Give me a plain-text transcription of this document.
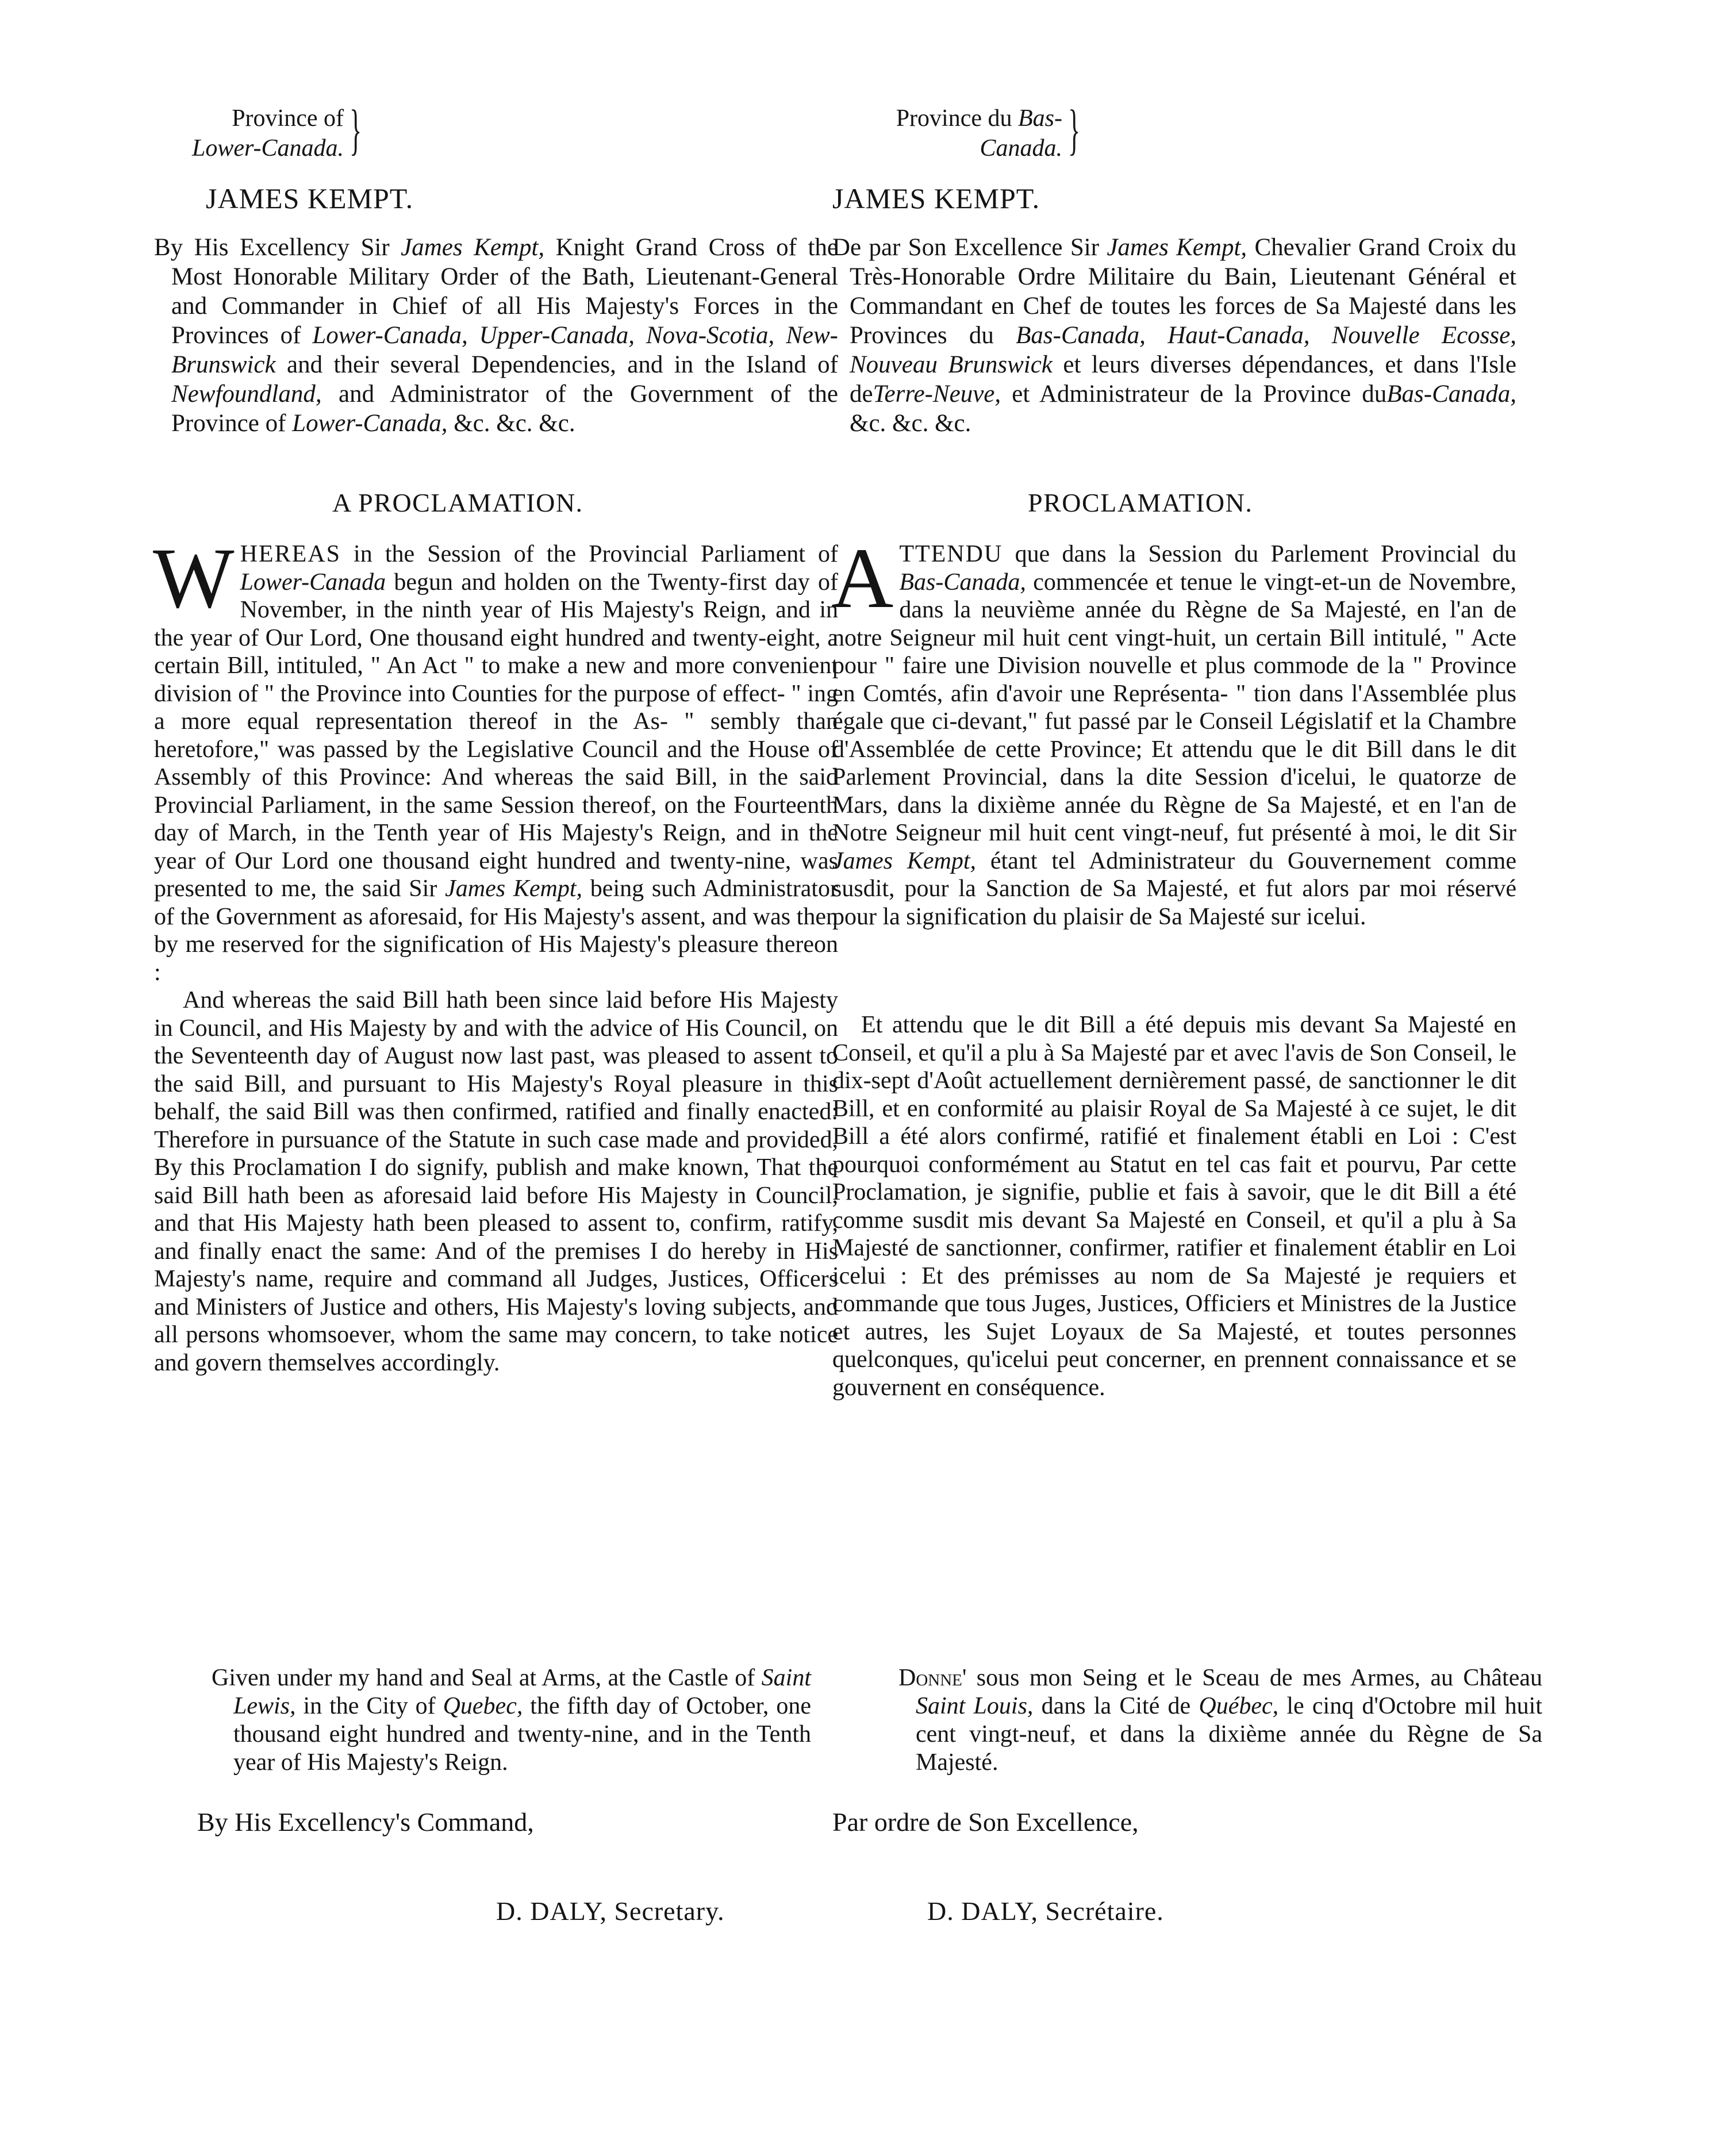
Province of
Lower-Canada. }
JAMES KEMPT.
By His Excellency Sir James Kempt, Knight Grand Cross of the Most Honorable Military Order of the Bath, Lieutenant-General and Commander in Chief of all His Majesty's Forces in the Provinces of Lower-Canada, Upper-Canada, Nova-Scotia, New-Brunswick and their several Dependencies, and in the Island of Newfoundland, and Administrator of the Government of the Province of Lower-Canada, &c. &c. &c.
A PROCLAMATION.

WHEREAS in the Session of the Provincial Parliament of Lower-Canada begun and holden on the Twenty-first day of November, in the ninth year of His Majesty's Reign, and in the year of Our Lord, One thousand eight hundred and twenty-eight, a certain Bill, intituled, " An Act " to make a new and more convenient division of " the Province into Counties for the purpose of effect- " ing a more equal representation thereof in the As- " sembly than heretofore," was passed by the Legislative Council and the House of Assembly of this Province: And whereas the said Bill, in the said Provincial Parliament, in the same Session thereof, on the Fourteenth day of March, in the Tenth year of His Majesty's Reign, and in the year of Our Lord one thousand eight hundred and twenty-nine, was presented to me, the said Sir James Kempt, being such Administrator of the Government as aforesaid, for His Majesty's assent, and was then by me reserved for the signification of His Majesty's pleasure thereon :

And whereas the said Bill hath been since laid before His Majesty in Council, and His Majesty by and with the advice of His Council, on the Seventeenth day of August now last past, was pleased to assent to the said Bill, and pursuant to His Majesty's Royal pleasure in this behalf, the said Bill was then confirmed, ratified and finally enacted: Therefore in pursuance of the Statute in such case made and provided, By this Proclamation I do signify, publish and make known, That the said Bill hath been as aforesaid laid before His Majesty in Council, and that His Majesty hath been pleased to assent to, confirm, ratify, and finally enact the same: And of the premises I do hereby in His Majesty's name, require and command all Judges, Justices, Officers and Ministers of Justice and others, His Majesty's loving subjects, and all persons whomsoever, whom the same may concern, to take notice and govern themselves accordingly.

Given under my hand and Seal at Arms, at the Castle of Saint Lewis, in the City of Quebec, the fifth day of October, one thousand eight hundred and twenty-nine, and in the Tenth year of His Majesty's Reign.
By His Excellency's Command,
D. DALY, Secretary.
Province du Bas-
Canada. }
JAMES KEMPT.
De par Son Excellence Sir James Kempt, Chevalier Grand Croix du Très-Honorable Ordre Militaire du Bain, Lieutenant Général et Commandant en Chef de toutes les forces de Sa Majesté dans les Provinces du Bas-Canada, Haut-Canada, Nouvelle Ecosse, Nouveau Brunswick et leurs diverses dépendances, et dans l'Isle deTerre-Neuve, et Administrateur de la Province duBas-Canada, &c. &c. &c.
PROCLAMATION.

ATTENDU que dans la Session du Parlement Provincial du Bas-Canada, commencée et tenue le vingt-et-un de Novembre, dans la neuvième année du Règne de Sa Majesté, en l'an de notre Seigneur mil huit cent vingt-huit, un certain Bill intitulé, " Acte pour " faire une Division nouvelle et plus commode de la " Province en Comtés, afin d'avoir une Représenta- " tion dans l'Assemblée plus égale que ci-devant," fut passé par le Conseil Législatif et la Chambre d'Assemblée de cette Province; Et attendu que le dit Bill dans le dit Parlement Provincial, dans la dite Session d'icelui, le quatorze de Mars, dans la dixième année du Règne de Sa Majesté, et en l'an de Notre Seigneur mil huit cent vingt-neuf, fut présenté à moi, le dit Sir James Kempt, étant tel Administrateur du Gouvernement comme susdit, pour la Sanction de Sa Majesté, et fut alors par moi réservé pour la signification du plaisir de Sa Majesté sur icelui.

Et attendu que le dit Bill a été depuis mis devant Sa Majesté en Conseil, et qu'il a plu à Sa Majesté par et avec l'avis de Son Conseil, le dix-sept d'Août actuellement dernièrement passé, de sanctionner le dit Bill, et en conformité au plaisir Royal de Sa Majesté à ce sujet, le dit Bill a été alors confirmé, ratifié et finalement établi en Loi : C'est pourquoi conformément au Statut en tel cas fait et pourvu, Par cette Proclamation, je signifie, publie et fais à savoir, que le dit Bill a été comme susdit mis devant Sa Majesté en Conseil, et qu'il a plu à Sa Majesté de sanctionner, confirmer, ratifier et finalement établir en Loi icelui : Et des prémisses au nom de Sa Majesté je requiers et commande que tous Juges, Justices, Officiers et Ministres de la Justice et autres, les Sujet Loyaux de Sa Majesté, et toutes personnes quelconques, qu'icelui peut concerner, en prennent connaissance et se gouvernent en conséquence.

Donne' sous mon Seing et le Sceau de mes Armes, au Château Saint Louis, dans la Cité de Québec, le cinq d'Octobre mil huit cent vingt-neuf, et dans la dixième année du Règne de Sa Majesté.
Par ordre de Son Excellence,
D. DALY, Secrétaire.
